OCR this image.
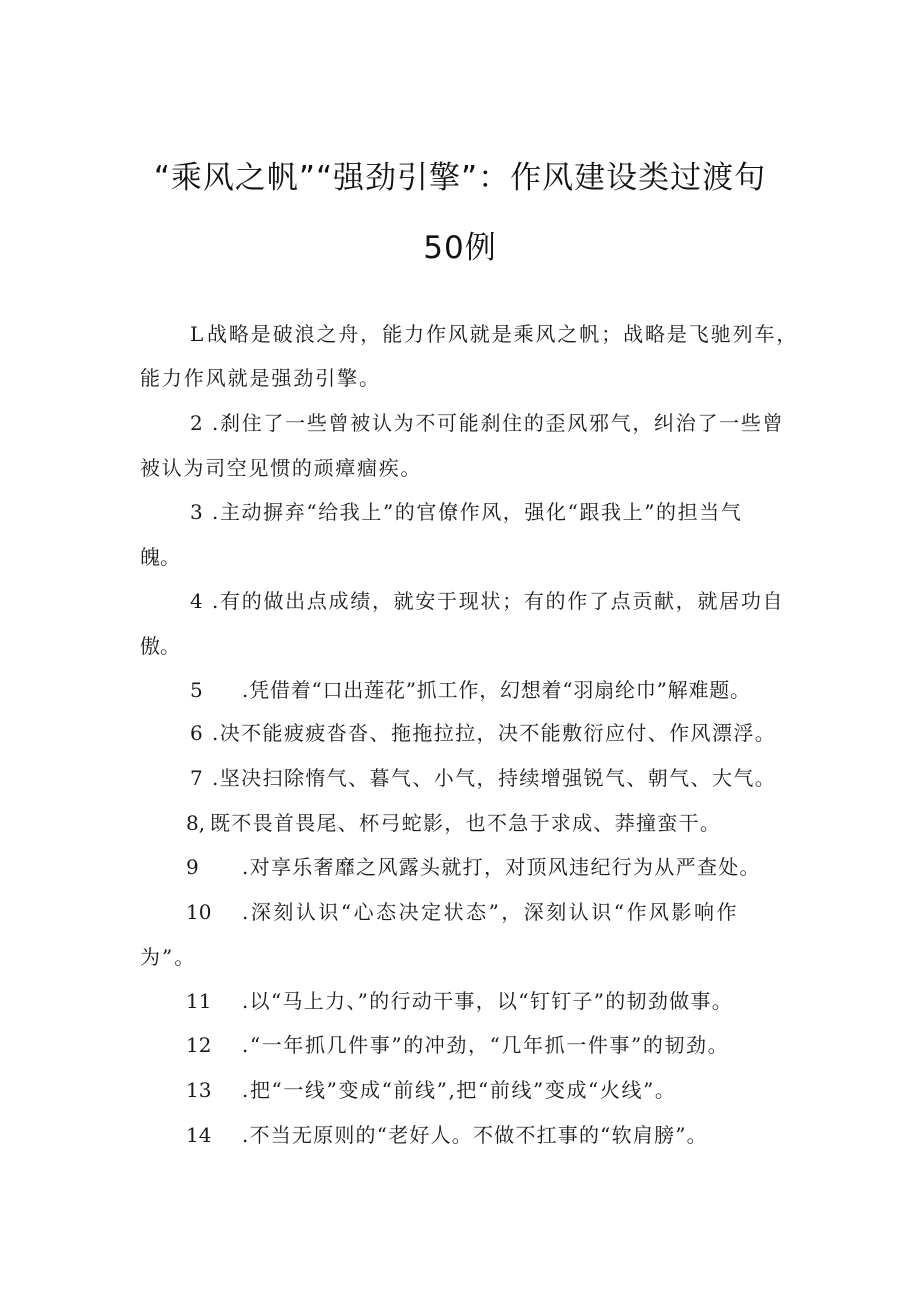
“乘风之帆”“强劲引擎”：作风建设类过渡句
50例
L 战略是破浪之舟，能力作风就是乘风之帆；战略是飞驰列车，
能力作风就是强劲引擎。
2 .刹住了一些曾被认为不可能刹住的歪风邪气，纠治了一些曾
被认为司空见惯的顽瘴痼疾。
3 .主动摒弃“给我上”的官僚作风，强化“跟我上”的担当气
魄。
4 .有的做出点成绩，就安于现状；有的作了点贡献，就居功自
傲。
5 .凭借着“口出莲花”抓工作，幻想着“羽扇纶巾”解难题。
6 .决不能疲疲沓沓、拖拖拉拉，决不能敷衍应付、作风漂浮。
7 .坚决扫除惰气、暮气、小气，持续增强锐气、朝气、大气。
8, 既不畏首畏尾、杯弓蛇影，也不急于求成、莽撞蛮干。
9 .对享乐奢靡之风露头就打，对顶风违纪行为从严查处。
10 .深刻认识“心态决定状态”，深刻认识“作风影响作
为”。
11 .以“马上力、”的行动干事，以“钉钉子”的韧劲做事。
12 .“一年抓几件事”的冲劲，“几年抓一件事”的韧劲。
13 .把“一线”变成“前线”,把“前线”变成“火线”。
14 .不当无原则的“老好人。不做不扛事的“软肩膀”。
